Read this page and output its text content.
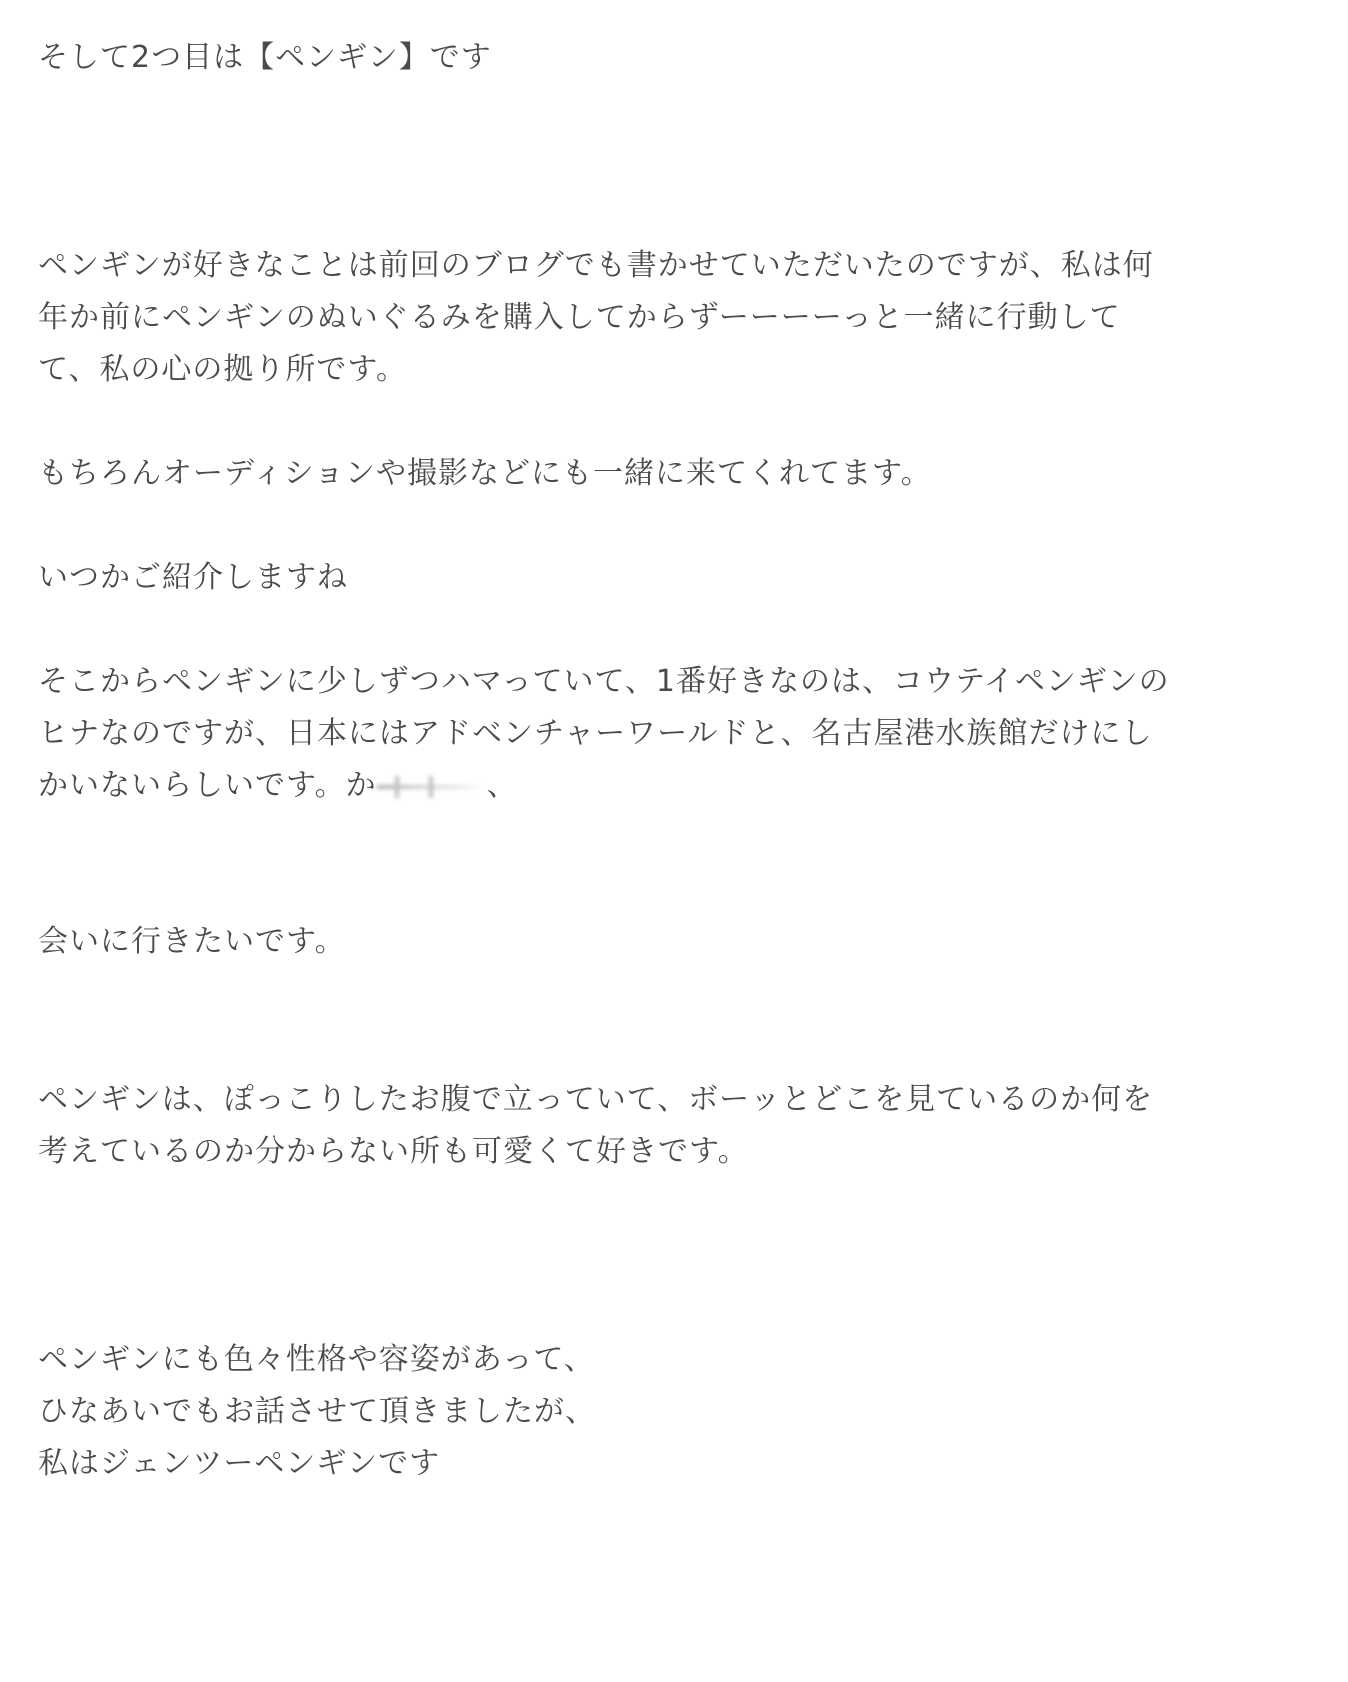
そして2つ目は【ペンギン】です
ペンギンが好きなことは前回のブログでも書かせていただいたのですが、私は何
年か前にペンギンのぬいぐるみを購入してからずーーーーっと一緒に行動して
て、私の心の拠り所です。
もちろんオーディションや撮影などにも一緒に来てくれてます。
いつかご紹介しますね
そこからペンギンに少しずつハマっていて、1番好きなのは、コウテイペンギンの
ヒナなのですが、日本にはアドベンチャーワールドと、名古屋港水族館だけにし
かいないらしいです。か	、
会いに行きたいです。
ペンギンは、ぽっこりしたお腹で立っていて、ボーッとどこを見ているのか何を
考えているのか分からない所も可愛くて好きです。
ペンギンにも色々性格や容姿があって、
ひなあいでもお話させて頂きましたが、
私はジェンツーペンギンです
